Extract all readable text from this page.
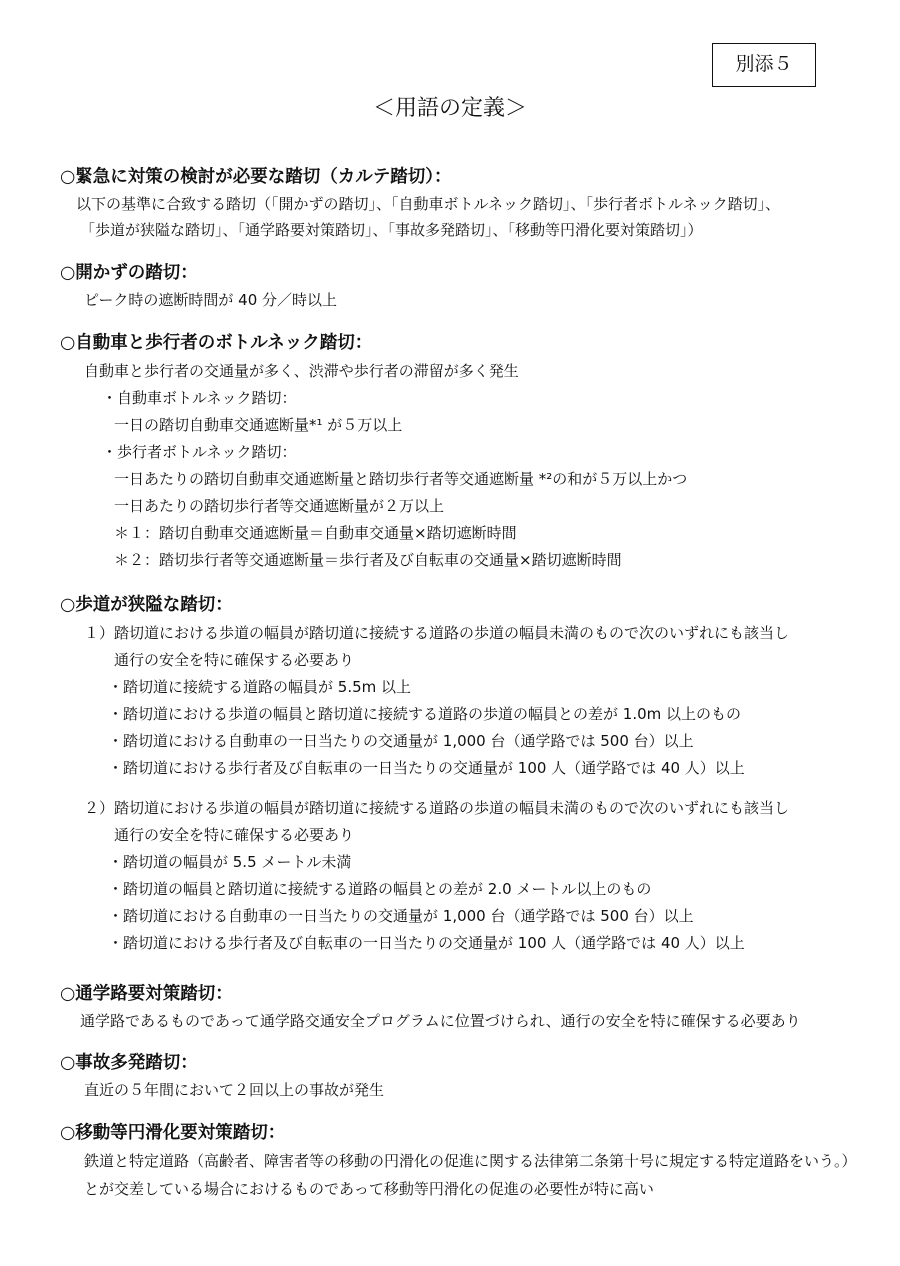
別添５
＜用語の定義＞
○緊急に対策の検討が必要な踏切（カルテ踏切）：
以下の基準に合致する踏切（「開かずの踏切」、「自動車ボトルネック踏切」、「歩行者ボトルネック踏切」、
「歩道が狭隘な踏切」、「通学路要対策踏切」、「事故多発踏切」、「移動等円滑化要対策踏切」）
○開かずの踏切：
ピーク時の遮断時間が 40 分／時以上
○自動車と歩行者のボトルネック踏切：
自動車と歩行者の交通量が多く、渋滞や歩行者の滞留が多く発生
・自動車ボトルネック踏切：
一日の踏切自動車交通遮断量*¹ が５万以上
・歩行者ボトルネック踏切：
一日あたりの踏切自動車交通遮断量と踏切歩行者等交通遮断量 *²の和が５万以上かつ
一日あたりの踏切歩行者等交通遮断量が２万以上
＊１：踏切自動車交通遮断量＝自動車交通量×踏切遮断時間
＊２：踏切歩行者等交通遮断量＝歩行者及び自転車の交通量×踏切遮断時間
○歩道が狭隘な踏切：
１）踏切道における歩道の幅員が踏切道に接続する道路の歩道の幅員未満のもので次のいずれにも該当し
通行の安全を特に確保する必要あり
・踏切道に接続する道路の幅員が 5.5m 以上
・踏切道における歩道の幅員と踏切道に接続する道路の歩道の幅員との差が 1.0m 以上のもの
・踏切道における自動車の一日当たりの交通量が 1,000 台（通学路では 500 台）以上
・踏切道における歩行者及び自転車の一日当たりの交通量が 100 人（通学路では 40 人）以上
２）踏切道における歩道の幅員が踏切道に接続する道路の歩道の幅員未満のもので次のいずれにも該当し
通行の安全を特に確保する必要あり
・踏切道の幅員が 5.5 メートル未満
・踏切道の幅員と踏切道に接続する道路の幅員との差が 2.0 メートル以上のもの
・踏切道における自動車の一日当たりの交通量が 1,000 台（通学路では 500 台）以上
・踏切道における歩行者及び自転車の一日当たりの交通量が 100 人（通学路では 40 人）以上
○通学路要対策踏切：
通学路であるものであって通学路交通安全プログラムに位置づけられ、通行の安全を特に確保する必要あり
○事故多発踏切：
直近の５年間において２回以上の事故が発生
○移動等円滑化要対策踏切：
鉄道と特定道路（高齢者、障害者等の移動の円滑化の促進に関する法律第二条第十号に規定する特定道路をいう。）
とが交差している場合におけるものであって移動等円滑化の促進の必要性が特に高い
